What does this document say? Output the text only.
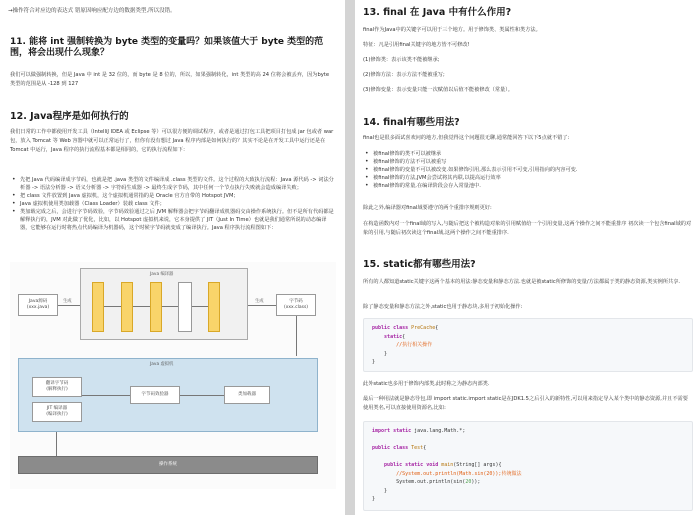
→操作符合对应边的表达式 错原因响应配方边的数据类型,所以没错。
11. 能将 int 强制转换为 byte 类型的变量吗？如果该值大于 byte 类型的范围，将会出现什么现象？
我们可以做强制转换，但是 Java 中 int 是 32 位的，而 byte 是 8 位的，所以，如果强制转化，int 类型的高 24 位将会被丢弃，因为byte 类型的范围是从 -128 到 127
12. Java程序是如何执行的
我们日常的工作中都使用开发工具（IntelliJ IDEA 或 Eclipse 等）可以很方便的调试程序，或者是通过打包工具把项目打包成 jar 包或者 war 包，放入 Tomcat 等 Web 容器中就可以正常运行了，但你有没有想过 Java 程序内部是如何执行的？其实不论是在开发工具中运行还是在 Tomcat 中运行，Java 程序的执行流程基本都是相同的，它的执行流程如下：
• 先把 Java 代码编译成字节码，也就是把 .java 类型的文件编译成 .class 类型的文件。这个过程的大致执行流程：Java 源代码 -> 词法分析器 -> 语法分析器 -> 语义分析器 -> 字符码生成器 -> 最终生成字节码，其中任何一个节点执行失败就会造成编译失败；
• 把 class 文件放置到 Java 虚拟机，这个虚拟机通常指的是 Oracle 官方自带的 Hotspot JVM；
• Java 虚拟机使用类加载器（Class Loader）装载 class 文件；
• 类加载完成之后，会进行字节码效验，字节码效验通过之后 JVM 解释器会把字节码翻译成机器码交由操作系统执行。但不是所有代码都是解释执行的，JVM 对此做了优化，比如，以 Hotspot 虚拟机来说，它本身提供了 JIT（Just In Time）也就是我们通常所说的动态编译器，它能够在运行时将热点代码编译为机器码，这个时候字节码就变成了编译执行。Java 程序执行流程图如下：
Java 编译器
Java源码
(xxx.java)
生成	生成	字节码
(xxx.class)
Java 虚拟机
翻译字节码
(解释执行)
JIT 编译器
(编译执行)
字节码效验器	类加载器
操作系统
13. final 在 Java 中有什么作用?
final作为Java中的关键字可以用于三个地方。用于修饰类、类属性和类方法。
特征：凡是引用final关键字的地方皆不可修改!
(1)修饰类：表示该类不能被继承;
(2)修饰方法：表示方法不能被重写;
(3)修饰变量：表示变量只能一次赋值以后值不能被修改（常量）。
14. final有哪些用法?
final也是很多面试喜欢问的地方,但我觉得这个问题很无聊,通常能回答下以下5点就不错了:
• 被final修饰的类不可以被继承
• 被final修饰的方法不可以被重写
• 被final修饰的变量不可以被改变.如果修饰引用,那么表示引用不可变,引用指向的内容可变.
• 被final修饰的方法,JVM会尝试将其内联,以提高运行效率
• 被final修饰的常量,在编译阶段会存入常量池中.
除此之外,编译器对final域要遵守的两个重排序规则更好:
在构造函数内对一个final域的写入,与随后把这个被构造对象的引用赋值给一个引用变量,这两个操作之间不能重排序 初次读一个包含final域的对象的引用,与随后初次读这个final域,这两个操作之间不能重排序.
15. static都有哪些用法?
所有的人都知道static关键字这两个基本的用法:静态变量和静态方法.也就是被static所修饰的变量/方法都属于类的静态资源,类实例所共享.
除了静态变量和静态方法之外,static也用于静态块,多用于初始化操作:
public class PreCache{
static{
//执行相关操作
}
}
此外static也多用于修饰内部类,此时称之为静态内部类.
最后一种用法就是静态导包,即 import static.import static是在JDK1.5之后引入的新特性,可以用来指定导入某个类中的静态资源,并且不需要使用类名,可以直接使用资源名,比如:
import static java.lang.Math.*;

public class Test{

public static void main(String[] args){
//System.out.println(Math.sin(20));传统做法
System.out.println(sin(20));
}
}
